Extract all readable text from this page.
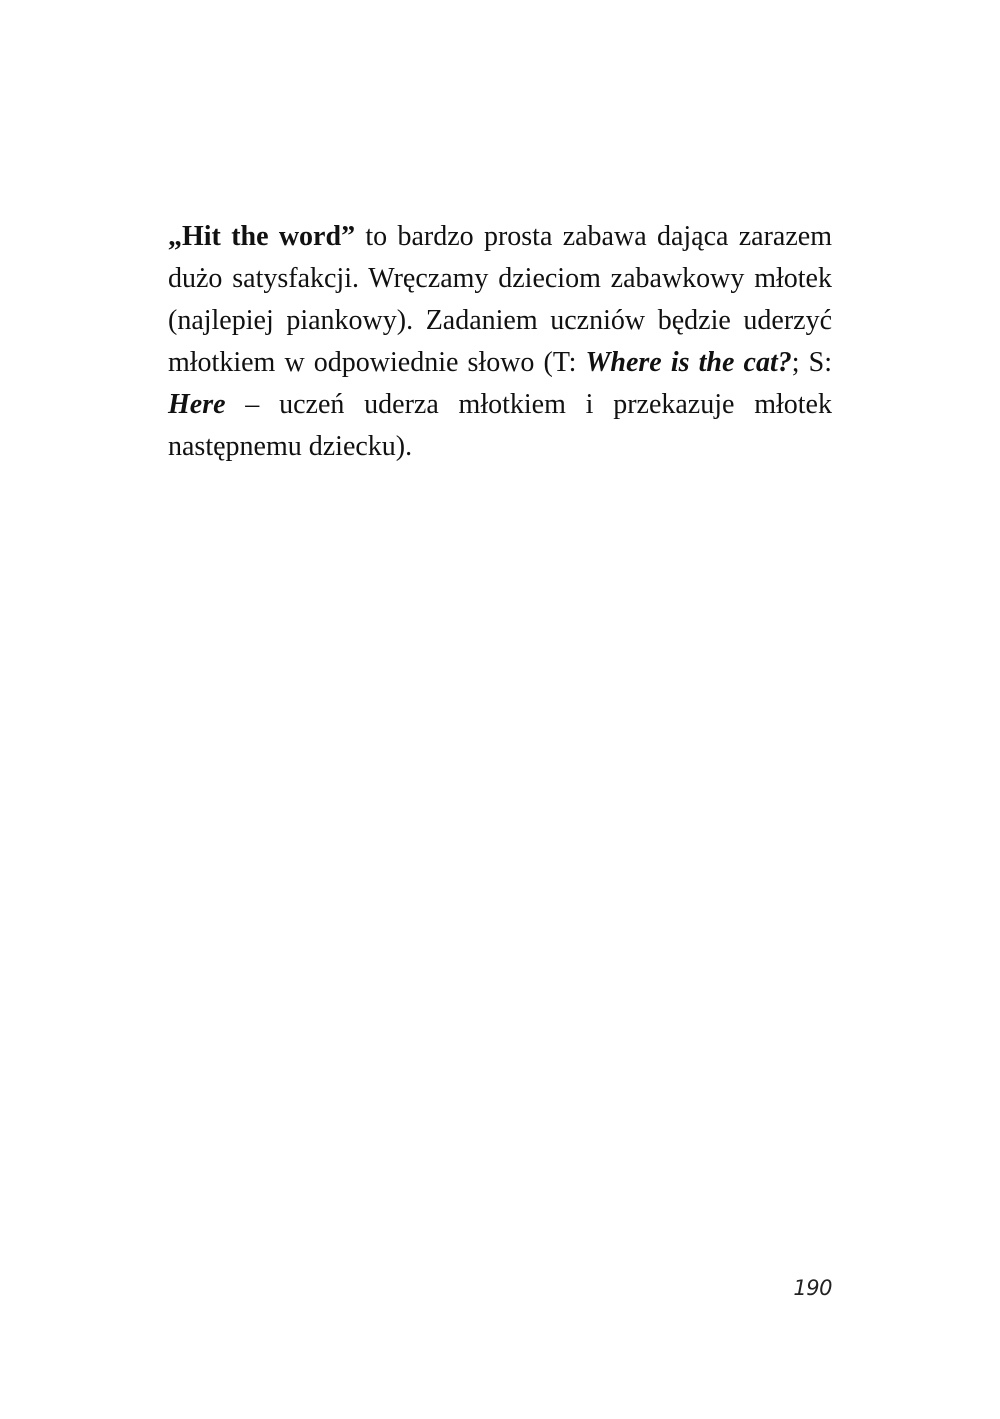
„Hit the word” to bardzo prosta zabawa dająca zarazem dużo satysfakcji. Wręczamy dzieciom zabawkowy młotek (najlepiej piankowy). Zadaniem uczniów będzie uderzyć młotkiem w odpowiednie słowo (T: Where is the cat?; S: Here – uczeń uderza młotkiem i przekazuje młotek następnemu dziecku).

190
